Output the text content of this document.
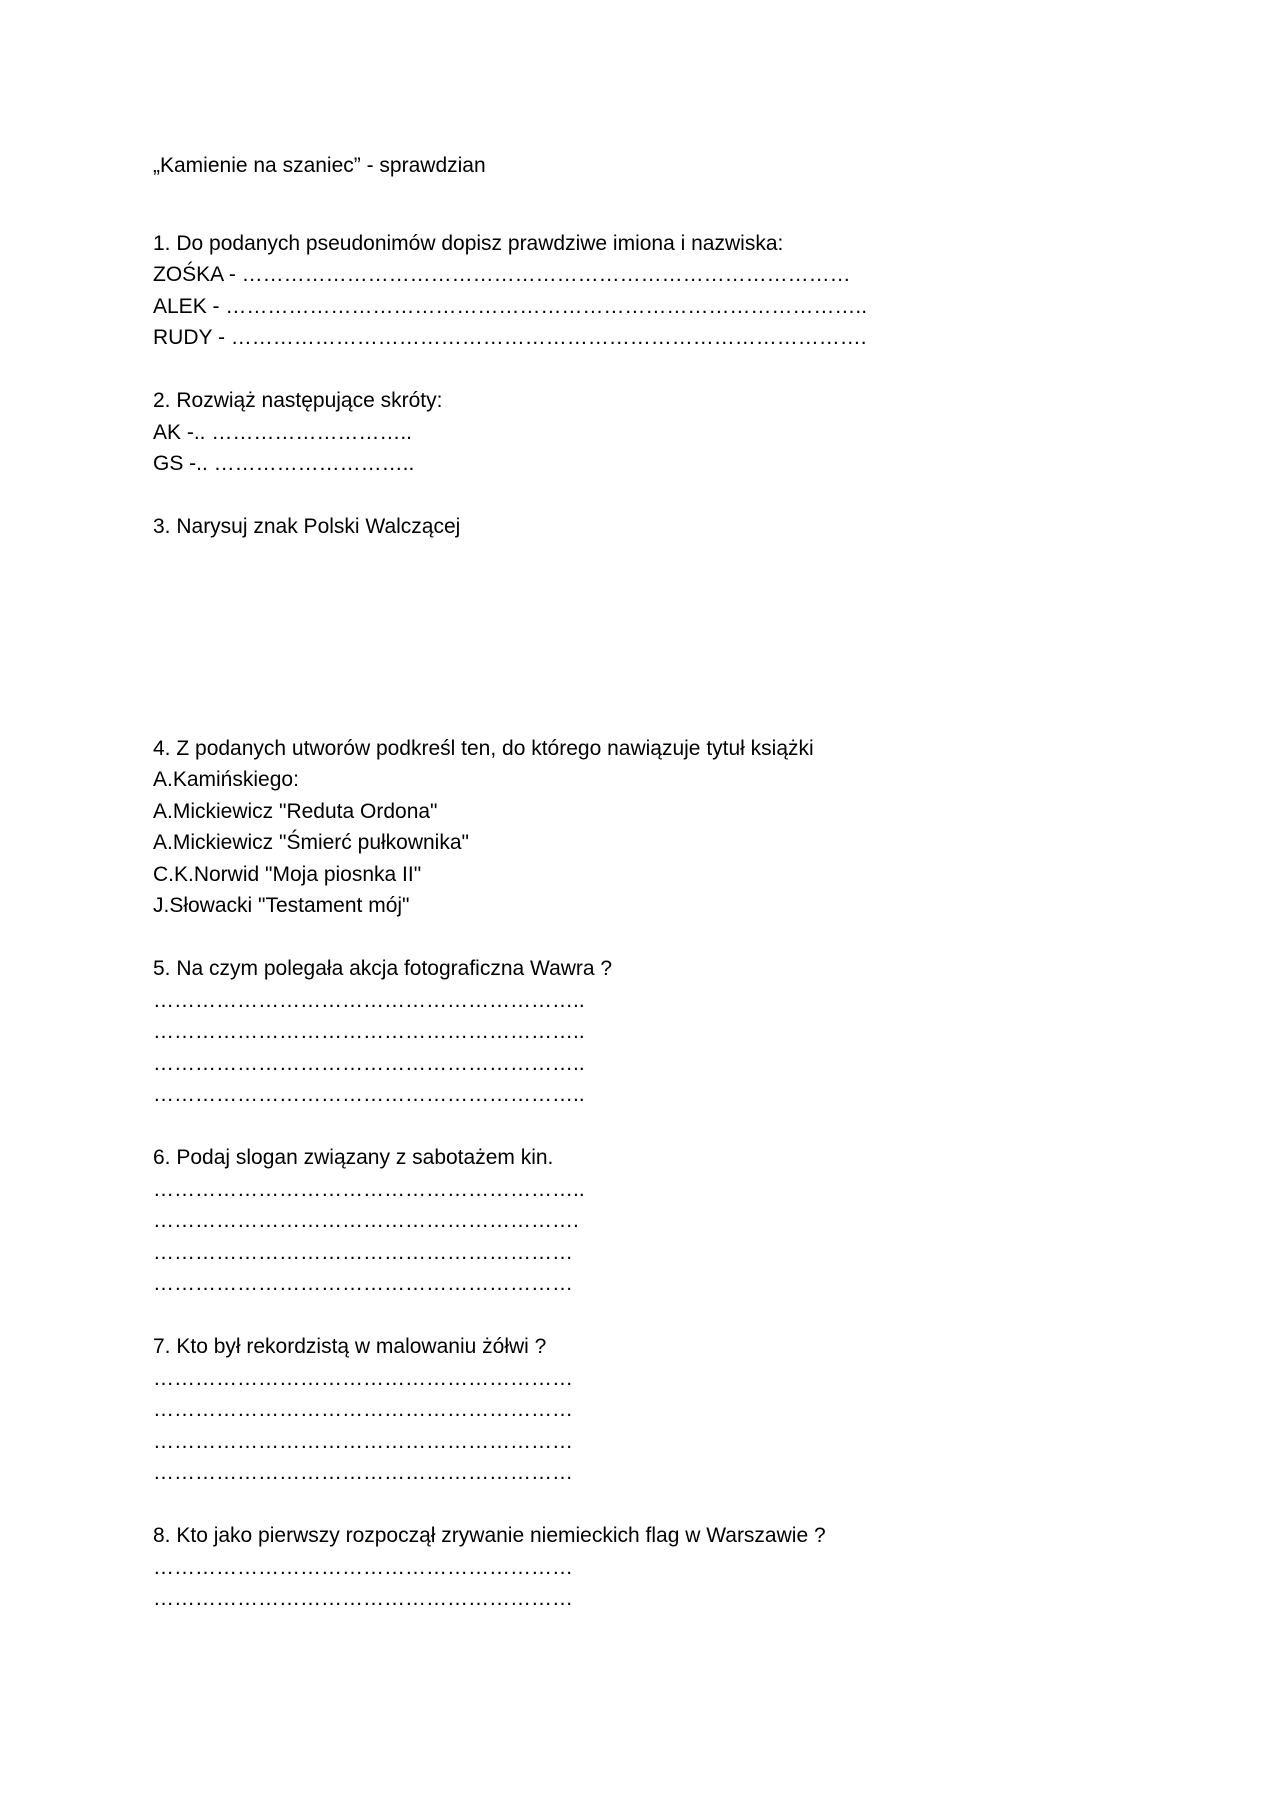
„Kamienie na szaniec” - sprawdzian
1. Do podanych pseudonimów dopisz prawdziwe imiona i nazwiska:
ZOŚKA - ……………………………………………………………………………
ALEK - ………………………………………………………………………………..
RUDY - ……………………………………………………………………………….
2. Rozwiąż następujące skróty:
AK -.. ………………………..
GS -.. ………………………..
3. Narysuj znak Polski Walczącej
4. Z podanych utworów podkreśl ten, do którego nawiązuje tytuł książki
A.Kamińskiego:
A.Mickiewicz "Reduta Ordona"
A.Mickiewicz "Śmierć pułkownika"
C.K.Norwid "Moja piosnka II"
J.Słowacki "Testament mój"
5. Na czym polegała akcja fotograficzna Wawra ?
……………………………………………………..
……………………………………………………..
……………………………………………………..
……………………………………………………..
6. Podaj slogan związany z sabotażem kin.
……………………………………………………..
…………………………………………………….
……………………………………………………
……………………………………………………
7. Kto był rekordzistą w malowaniu żółwi ?
……………………………………………………
……………………………………………………
……………………………………………………
……………………………………………………
8. Kto jako pierwszy rozpoczął zrywanie niemieckich flag w Warszawie ?
……………………………………………………
……………………………………………………
